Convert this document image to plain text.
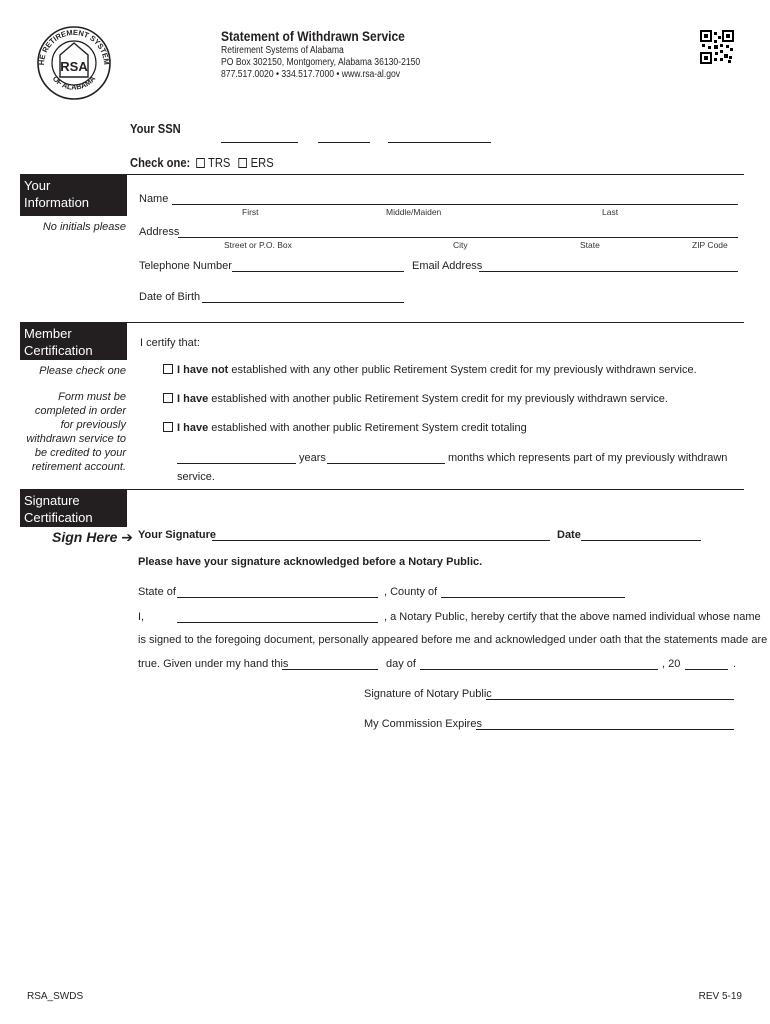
RSA
HE RETIREMENT SYSTEM
OF ALABAMA
Statement of Withdrawn Service
Retirement Systems of Alabama
PO Box 302150, Montgomery, Alabama 36130-2150
877.517.0020 • 334.517.7000 • www.rsa-al.gov
Your SSN
Check one: TRS ERS
Your
Information
No initials please
Name
First	Middle/Maiden	Last
Address
Street or P.O. Box	City	State	ZIP Code
Telephone Number	Email Address
Date of Birth
Member
Certification
Please check one
Form must be completed in order for previously withdrawn service to be credited to your retirement account.
I certify that:
I have not established with any other public Retirement System credit for my previously withdrawn service.
I have established with another public Retirement System credit for my previously withdrawn service.
I have established with another public Retirement System credit totaling
years	months which represents part of my previously withdrawn
service.
Signature
Certification
Sign Here ➔ Your Signature	Date
Please have your signature acknowledged before a Notary Public.
State of	, County of
I,	, a Notary Public, hereby certify that the above named individual whose name
is signed to the foregoing document, personally appeared before me and acknowledged under oath that the statements made are
true. Given under my hand this	day of	, 20	.
Signature of Notary Public
My Commission Expires
RSA_SWDS	REV 5-19
